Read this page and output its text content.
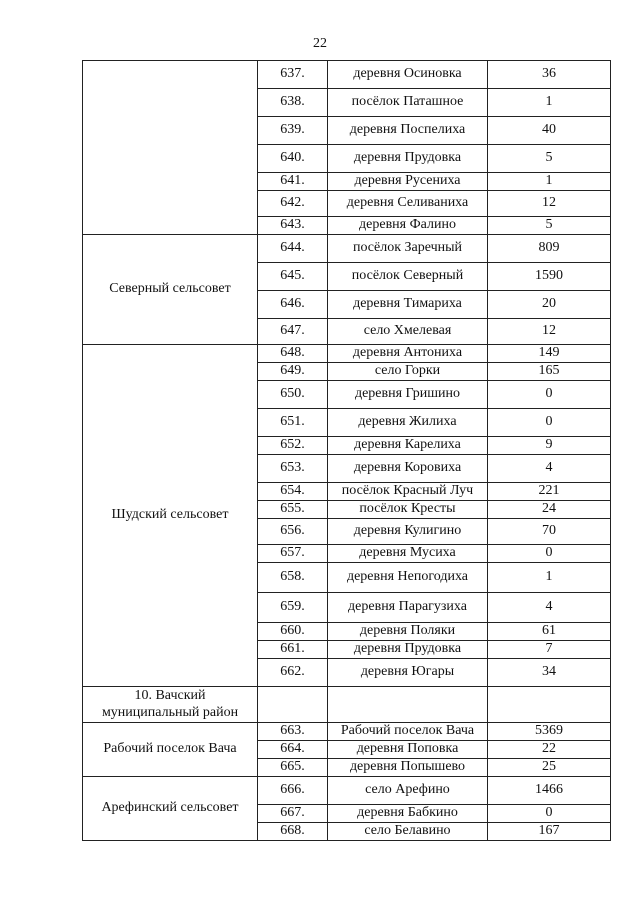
22
	637.	деревня Осиновка	36
	638.	посёлок Паташное	1
	639.	деревня Поспелиха	40
	640.	деревня Прудовка	5
	641.	деревня Русениха	1
	642.	деревня Селиваниха	12
	643.	деревня Фалино	5
Северный сельсовет	644.	посёлок Заречный	809
	645.	посёлок Северный	1590
	646.	деревня Тимариха	20
	647.	село Хмелевая	12
Шудский сельсовет	648.	деревня Антониха	149
	649.	село Горки	165
	650.	деревня Гришино	0
	651.	деревня Жилиха	0
	652.	деревня Карелиха	9
	653.	деревня Коровиха	4
	654.	посёлок Красный Луч	221
	655.	посёлок Кресты	24
	656.	деревня Кулигино	70
	657.	деревня Мусиха	0
	658.	деревня Непогодиха	1
	659.	деревня Парагузиха	4
	660.	деревня Поляки	61
	661.	деревня Прудовка	7
	662.	деревня Югары	34
10. Вачский муниципальный район			
Рабочий поселок Вача	663.	Рабочий поселок Вача	5369
	664.	деревня Поповка	22
	665.	деревня Попышево	25
Арефинский сельсовет	666.	село Арефино	1466
	667.	деревня Бабкино	0
	668.	село Белавино	167
